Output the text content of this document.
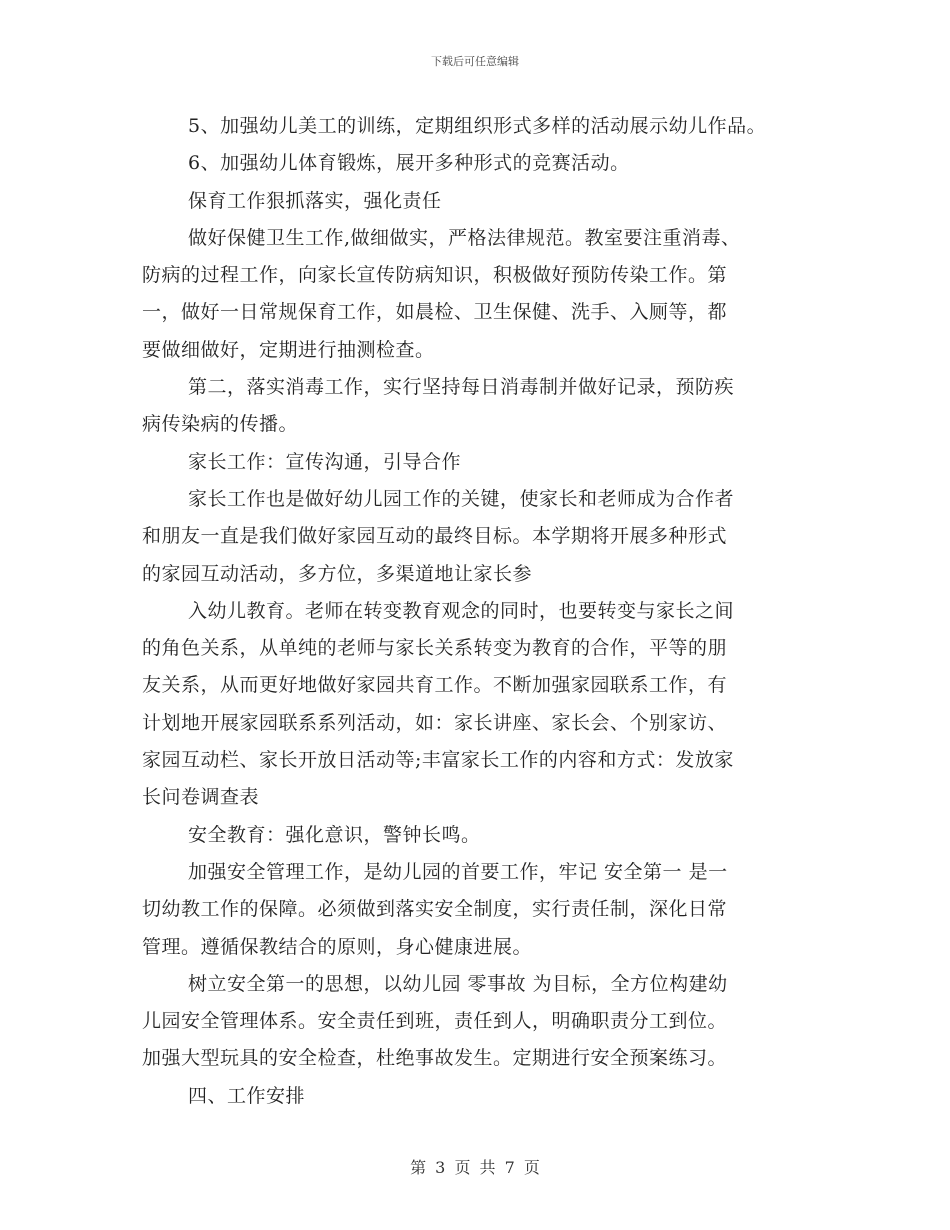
下载后可任意编辑
5、加强幼儿美工的训练，定期组织形式多样的活动展示幼儿作品。
6、加强幼儿体育锻炼，展开多种形式的竞赛活动。
保育工作狠抓落实，强化责任
做好保健卫生工作,做细做实，严格法律规范。教室要注重消毒、
防病的过程工作，向家长宣传防病知识，积极做好预防传染工作。第
一，做好一日常规保育工作，如晨检、卫生保健、洗手、入厕等，都
要做细做好，定期进行抽测检查。
第二，落实消毒工作，实行坚持每日消毒制并做好记录，预防疾
病传染病的传播。
家长工作：宣传沟通，引导合作
家长工作也是做好幼儿园工作的关键，使家长和老师成为合作者
和朋友一直是我们做好家园互动的最终目标。本学期将开展多种形式
的家园互动活动，多方位，多渠道地让家长参
入幼儿教育。老师在转变教育观念的同时，也要转变与家长之间
的角色关系，从单纯的老师与家长关系转变为教育的合作，平等的朋
友关系，从而更好地做好家园共育工作。不断加强家园联系工作，有
计划地开展家园联系系列活动，如：家长讲座、家长会、个别家访、
家园互动栏、家长开放日活动等;丰富家长工作的内容和方式：发放家
长问卷调查表
安全教育：强化意识，警钟长鸣。
加强安全管理工作，是幼儿园的首要工作，牢记 安全第一 是一
切幼教工作的保障。必须做到落实安全制度，实行责任制，深化日常
管理。遵循保教结合的原则，身心健康进展。
树立安全第一的思想，以幼儿园 零事故 为目标，全方位构建幼
儿园安全管理体系。安全责任到班，责任到人，明确职责分工到位。
加强大型玩具的安全检查，杜绝事故发生。定期进行安全预案练习。
四、工作安排
第 3 页 共 7 页
